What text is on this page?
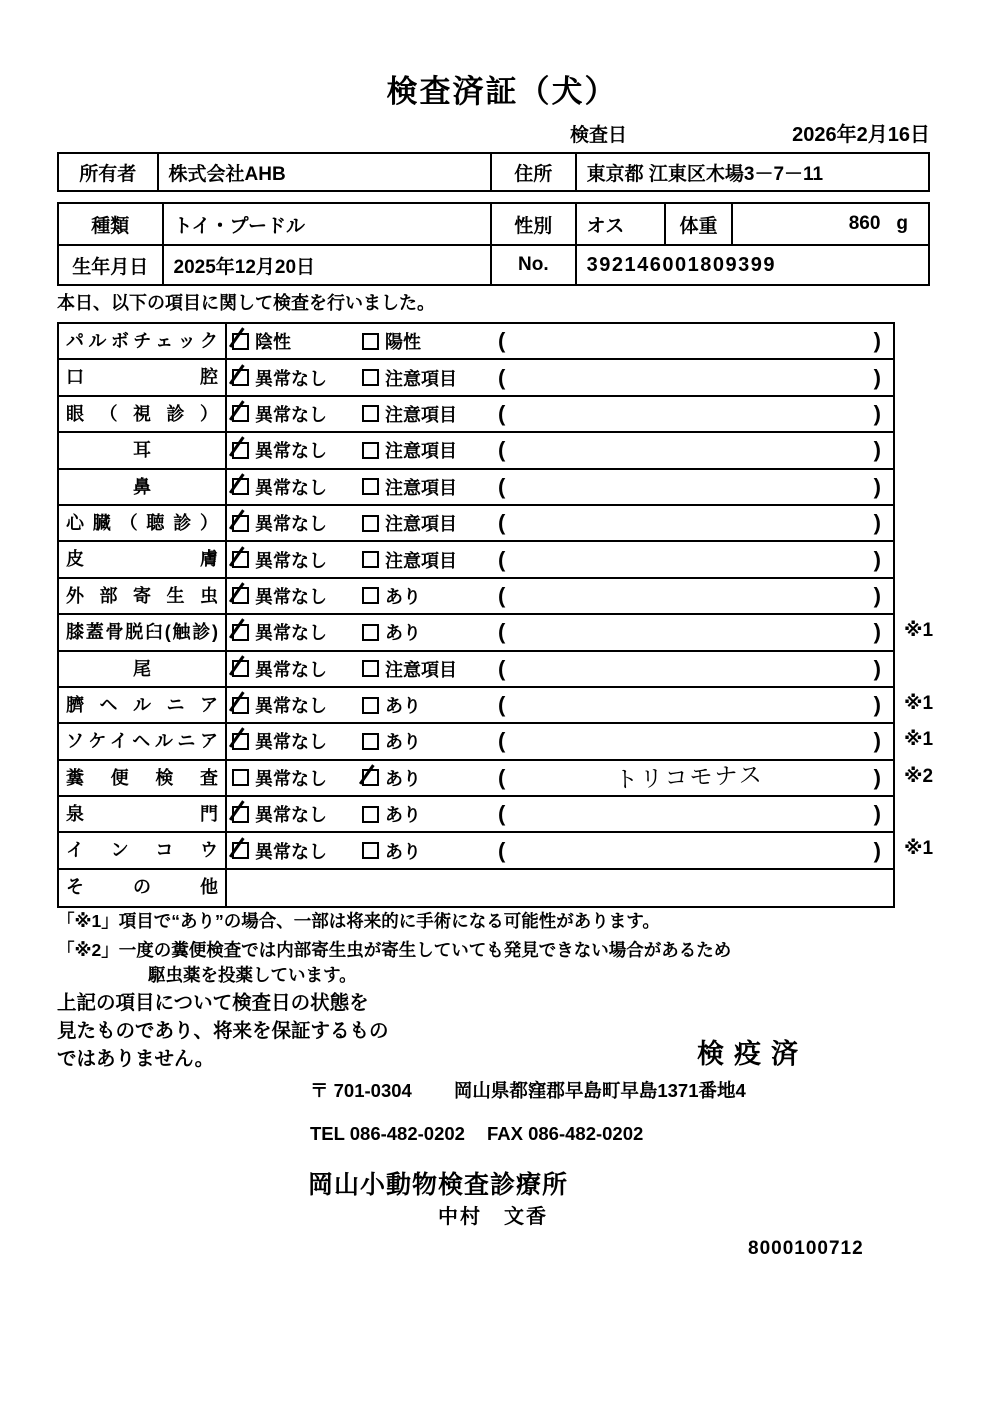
検査済証（犬）
検査日	2026年2月16日
所有者	株式会社AHB	住所	東京都 江東区木場3－7－11
種類	トイ・プードル	性別	オス	体重	860 g
生年月日	2025年12月20日	No.	392146001809399
本日、以下の項目に関して検査を行いました。
パルボチェック	陰性	陽性	(	)
口腔	異常なし	注意項目 (	)
眼（視診）	異常なし	注意項目 (	)
耳	異常なし	注意項目 (	)
鼻	異常なし	注意項目 (	)
心臓（聴診）	異常なし	注意項目 (	)
皮膚	異常なし	注意項目 (	)
外部寄生虫	異常なし	あり	(	)
膝蓋骨脱臼(触診)	異常なし	あり	(	) ※1
尾	異常なし	注意項目 (	)
臍ヘルニア	異常なし	あり	(	) ※1
ソケイヘルニア	異常なし	あり	(	) ※1
糞便検査	異常なし	あり	(	トリコモナス	) ※2
泉門	異常なし	あり	(	)
インコウ	異常なし	あり	(	) ※1
その他
「※1」項目で“あり”の場合、一部は将来的に手術になる可能性があります。
「※2」一度の糞便検査では内部寄生虫が寄生していても発見できない場合があるため
駆虫薬を投薬しています。
上記の項目について検査日の状態を
見たものであり、将来を保証するもの
ではありません。	検疫済
〒 701-0304 岡山県都窪郡早島町早島1371番地4
TEL 086-482-0202 FAX 086-482-0202
岡山小動物検査診療所
中村　文香
8000100712
